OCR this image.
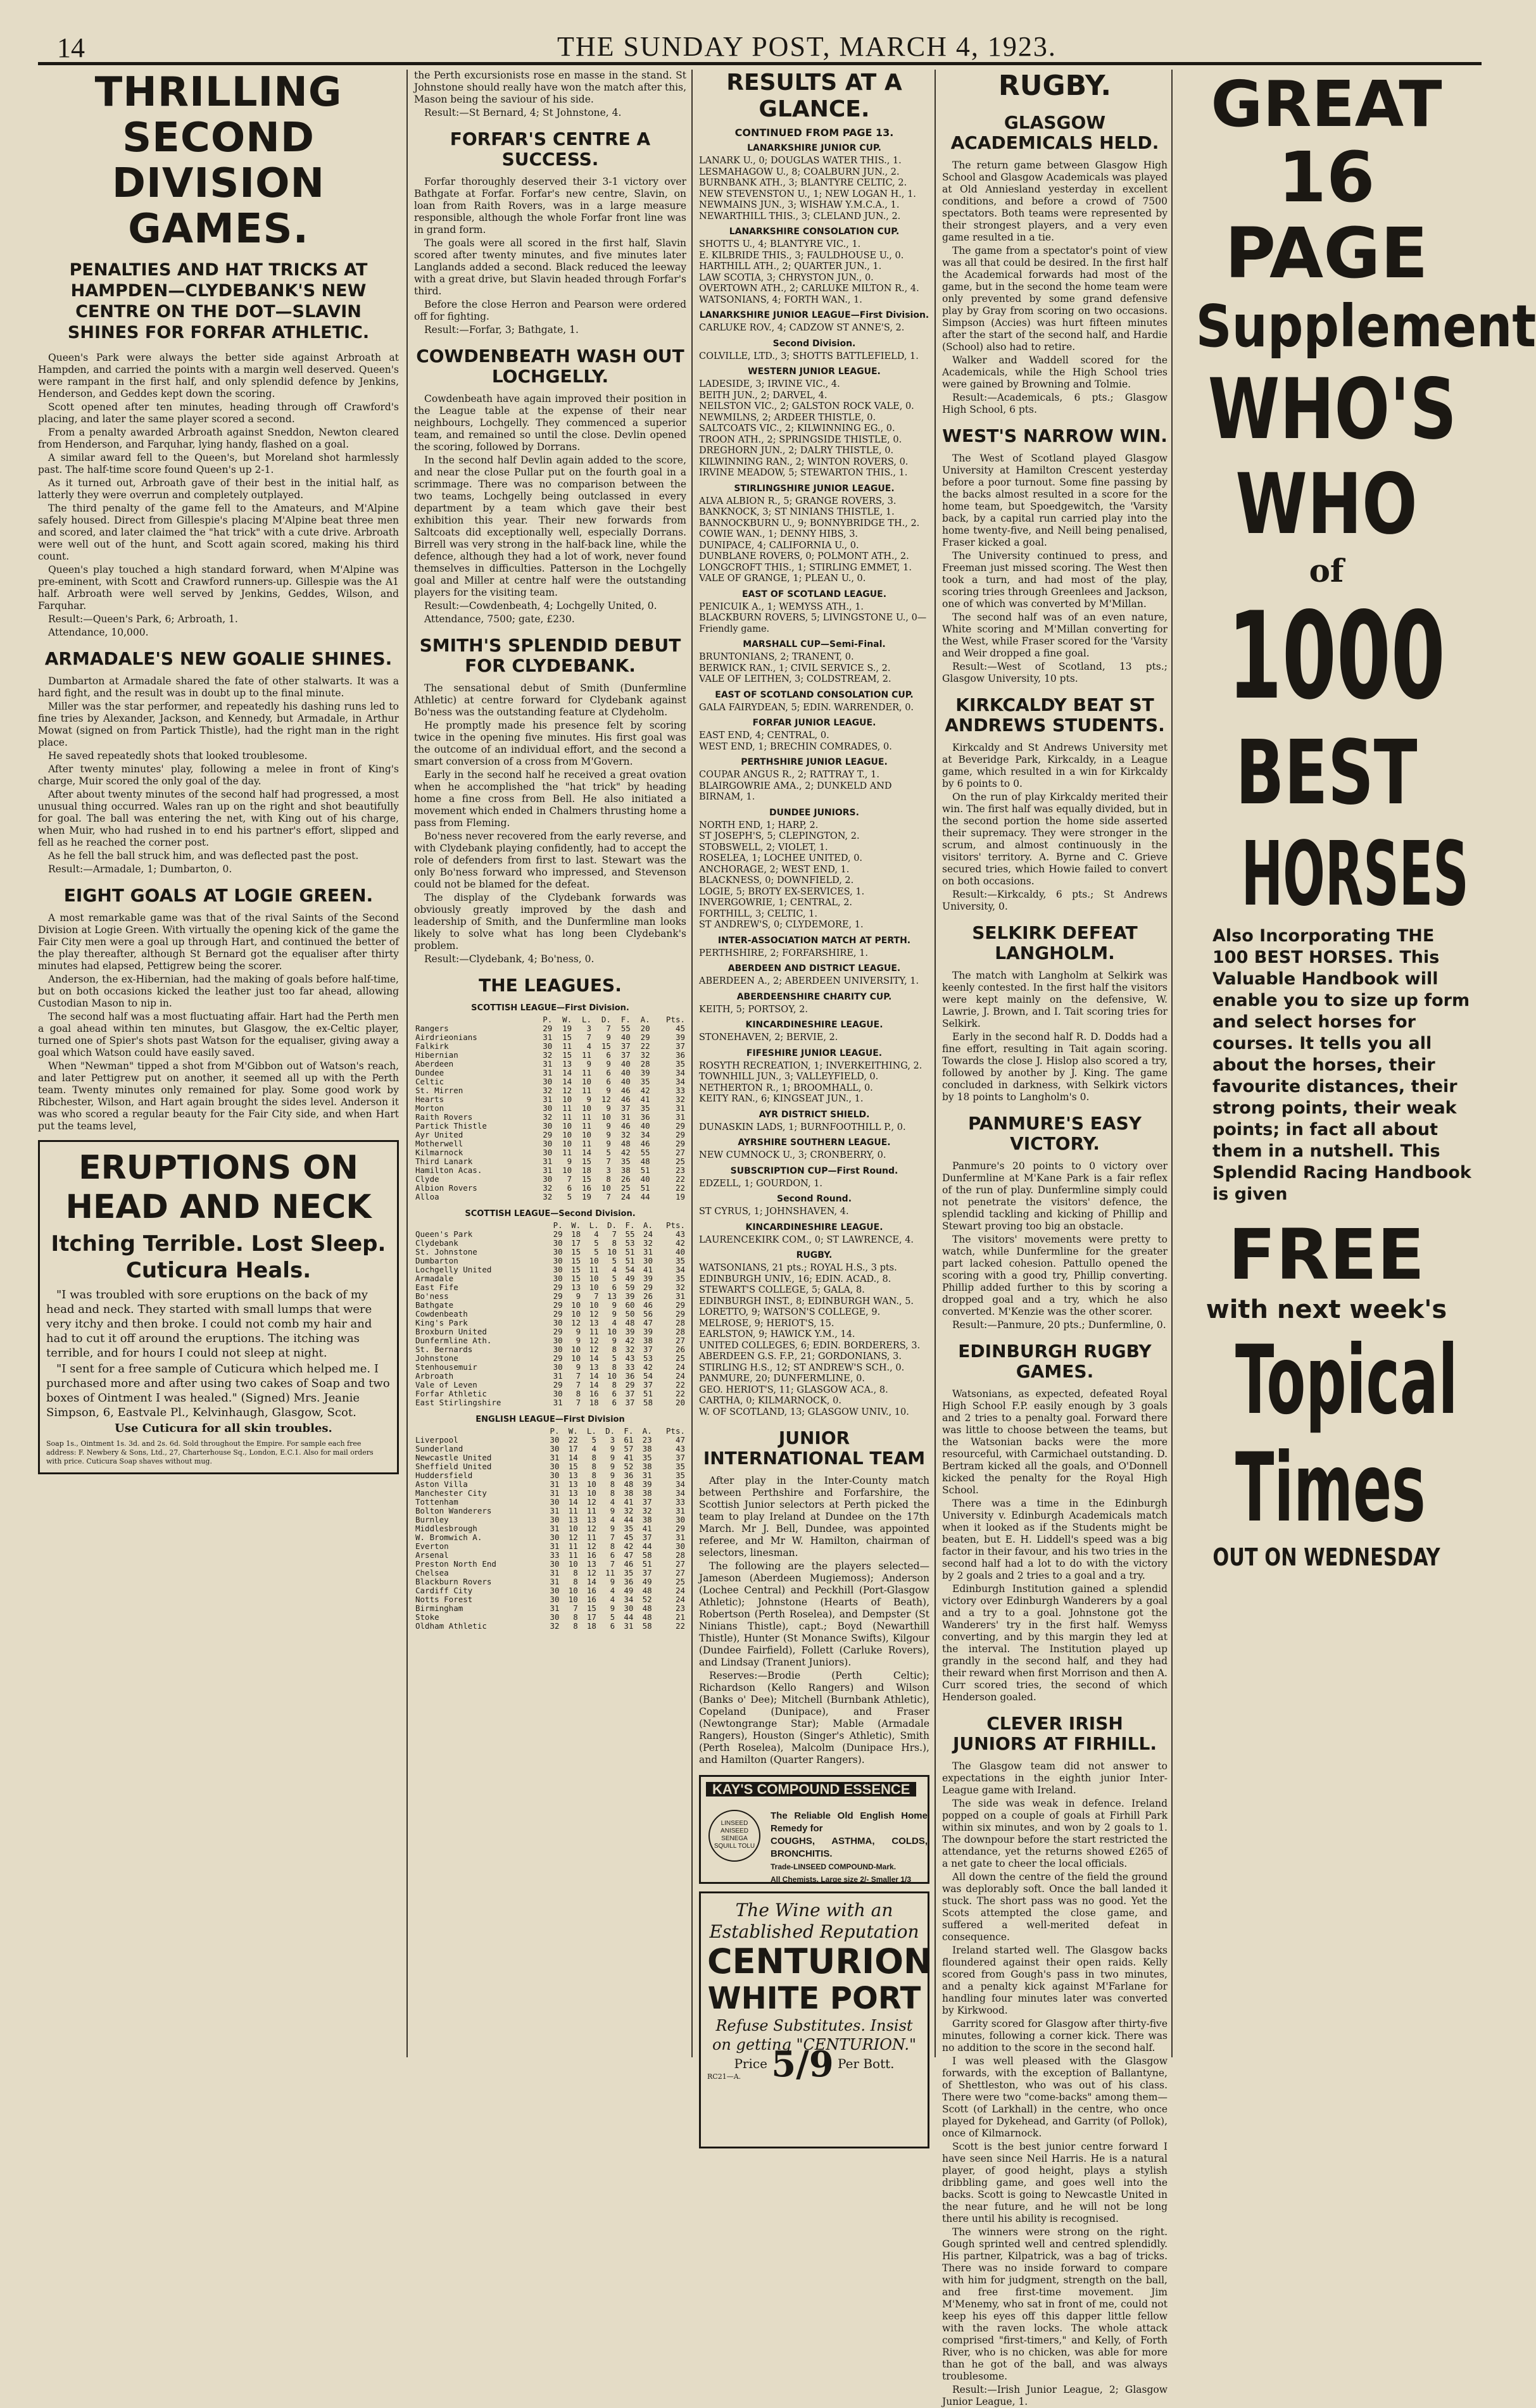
14	THE SUNDAY POST, MARCH 4, 1923.
THRILLING SECOND DIVISION GAMES.
PENALTIES AND HAT TRICKS AT HAMPDEN—CLYDEBANK'S NEW CENTRE ON THE DOT—SLAVIN SHINES FOR FORFAR ATHLETIC.

Queen's Park were always the better side against Arbroath at Hampden, and carried the points with a margin well deserved. Queen's were rampant in the first half, and only splendid defence by Jenkins, Henderson, and Geddes kept down the scoring.

Scott opened after ten minutes, heading through off Crawford's placing, and later the same player scored a second.

From a penalty awarded Arbroath against Sneddon, Newton cleared from Henderson, and Farquhar, lying handy, flashed on a goal.

A similar award fell to the Queen's, but Moreland shot harmlessly past. The half-time score found Queen's up 2-1.

As it turned out, Arbroath gave of their best in the initial half, as latterly they were overrun and completely outplayed.

The third penalty of the game fell to the Amateurs, and M'Alpine safely housed. Direct from Gillespie's placing M'Alpine beat three men and scored, and later claimed the "hat trick" with a cute drive. Arbroath were well out of the hunt, and Scott again scored, making his third count.

Queen's play touched a high standard forward, when M'Alpine was pre-eminent, with Scott and Crawford runners-up. Gillespie was the A1 half. Arbroath were well served by Jenkins, Geddes, Wilson, and Farquhar.

Result:—Queen's Park, 6; Arbroath, 1.

Attendance, 10,000.

ARMADALE'S NEW GOALIE SHINES.

Dumbarton at Armadale shared the fate of other stalwarts. It was a hard fight, and the result was in doubt up to the final minute.

Miller was the star performer, and repeatedly his dashing runs led to fine tries by Alexander, Jackson, and Kennedy, but Armadale, in Arthur Mowat (signed on from Partick Thistle), had the right man in the right place.

He saved repeatedly shots that looked troublesome.

After twenty minutes' play, following a melee in front of King's charge, Muir scored the only goal of the day.

After about twenty minutes of the second half had progressed, a most unusual thing occurred. Wales ran up on the right and shot beautifully for goal. The ball was entering the net, with King out of his charge, when Muir, who had rushed in to end his partner's effort, slipped and fell as he reached the corner post.

As he fell the ball struck him, and was deflected past the post.

Result:—Armadale, 1; Dumbarton, 0.

EIGHT GOALS AT LOGIE GREEN.

A most remarkable game was that of the rival Saints of the Second Division at Logie Green. With virtually the opening kick of the game the Fair City men were a goal up through Hart, and continued the better of the play thereafter, although St Bernard got the equaliser after thirty minutes had elapsed, Pettigrew being the scorer.

Anderson, the ex-Hibernian, had the making of goals before half-time, but on both occasions kicked the leather just too far ahead, allowing Custodian Mason to nip in.

The second half was a most fluctuating affair. Hart had the Perth men a goal ahead within ten minutes, but Glasgow, the ex-Celtic player, turned one of Spier's shots past Watson for the equaliser, giving away a goal which Watson could have easily saved.

When "Newman" tipped a shot from M'Gibbon out of Watson's reach, and later Pettigrew put on another, it seemed all up with the Perth team. Twenty minutes only remained for play. Some good work by Ribchester, Wilson, and Hart again brought the sides level. Anderson it was who scored a regular beauty for the Fair City side, and when Hart put the teams level,

ERUPTIONS ON HEAD AND NECK
Itching Terrible. Lost Sleep. Cuticura Heals.

"I was troubled with sore eruptions on the back of my head and neck. They started with small lumps that were very itchy and then broke. I could not comb my hair and had to cut it off around the eruptions. The itching was terrible, and for hours I could not sleep at night.

"I sent for a free sample of Cuticura which helped me. I purchased more and after using two cakes of Soap and two boxes of Ointment I was healed." (Signed) Mrs. Jeanie Simpson, 6, Eastvale Pl., Kelvinhaugh, Glasgow, Scot.

Use Cuticura for all skin troubles.

Soap 1s., Ointment 1s. 3d. and 2s. 6d. Sold throughout the Empire. For sample each free address: F. Newbery & Sons, Ltd., 27, Charterhouse Sq., London, E.C.1. Also for mail orders with price. Cuticura Soap shaves without mug.

the Perth excursionists rose en masse in the stand. St Johnstone should really have won the match after this, Mason being the saviour of his side.

Result:—St Bernard, 4; St Johnstone, 4.

FORFAR'S CENTRE A SUCCESS.

Forfar thoroughly deserved their 3-1 victory over Bathgate at Forfar. Forfar's new centre, Slavin, on loan from Raith Rovers, was in a large measure responsible, although the whole Forfar front line was in grand form.

The goals were all scored in the first half, Slavin scored after twenty minutes, and five minutes later Langlands added a second. Black reduced the leeway with a great drive, but Slavin headed through Forfar's third.

Before the close Herron and Pearson were ordered off for fighting.

Result:—Forfar, 3; Bathgate, 1.

COWDENBEATH WASH OUT LOCHGELLY.

Cowdenbeath have again improved their position in the League table at the expense of their near neighbours, Lochgelly. They commenced a superior team, and remained so until the close. Devlin opened the scoring, followed by Dorrans.

In the second half Devlin again added to the score, and near the close Pullar put on the fourth goal in a scrimmage. There was no comparison between the two teams, Lochgelly being outclassed in every department by a team which gave their best exhibition this year. Their new forwards from Saltcoats did exceptionally well, especially Dorrans. Birrell was very strong in the half-back line, while the defence, although they had a lot of work, never found themselves in difficulties. Patterson in the Lochgelly goal and Miller at centre half were the outstanding players for the visiting team.

Result:—Cowdenbeath, 4; Lochgelly United, 0.

Attendance, 7500; gate, £230.

SMITH'S SPLENDID DEBUT FOR CLYDEBANK.

The sensational debut of Smith (Dunfermline Athletic) at centre forward for Clydebank against Bo'ness was the outstanding feature at Clydeholm.

He promptly made his presence felt by scoring twice in the opening five minutes. His first goal was the outcome of an individual effort, and the second a smart conversion of a cross from M'Govern.

Early in the second half he received a great ovation when he accomplished the "hat trick" by heading home a fine cross from Bell. He also initiated a movement which ended in Chalmers thrusting home a pass from Fleming.

Bo'ness never recovered from the early reverse, and with Clydebank playing confidently, had to accept the role of defenders from first to last. Stewart was the only Bo'ness forward who impressed, and Stevenson could not be blamed for the defeat.

The display of the Clydebank forwards was obviously greatly improved by the dash and leadership of Smith, and the Dunfermline man looks likely to solve what has long been Clydebank's problem.

Result:—Clydebank, 4; Bo'ness, 0.

THE LEAGUES.
SCOTTISH LEAGUE—First Division.
	P.	W.	L.	D.	F.	A.	Pts.
Rangers	29	19	3	7	55	20	45
Airdrieonians	31	15	7	9	40	29	39
Falkirk	30	11	4	15	37	22	37
Hibernian	32	15	11	6	37	32	36
Aberdeen	31	13	9	9	40	28	35
Dundee	31	14	11	6	40	39	34
Celtic	30	14	10	6	40	35	34
St. Mirren	32	12	11	9	46	42	33
Hearts	31	10	9	12	46	41	32
Morton	30	11	10	9	37	35	31
Raith Rovers	32	11	11	10	31	36	31
Partick Thistle	30	10	11	9	46	40	29
Ayr United	29	10	10	9	32	34	29
Motherwell	30	10	11	9	48	46	29
Kilmarnock	30	11	14	5	42	55	27
Third Lanark	31	9	15	7	35	48	25
Hamilton Acas.	31	10	18	3	38	51	23
Clyde	30	7	15	8	26	40	22
Albion Rovers	32	6	16	10	25	51	22
Alloa	32	5	19	7	24	44	19
SCOTTISH LEAGUE—Second Division.
	P.	W.	L.	D.	F.	A.	Pts.
Queen's Park	29	18	4	7	55	24	43
Clydebank	30	17	5	8	53	32	42
St. Johnstone	30	15	5	10	51	31	40
Dumbarton	30	15	10	5	51	30	35
Lochgelly United	30	15	11	4	54	41	34
Armadale	30	15	10	5	49	39	35
East Fife	29	13	10	6	59	29	32
Bo'ness	29	9	7	13	39	26	31
Bathgate	29	10	10	9	60	46	29
Cowdenbeath	29	10	12	9	50	56	29
King's Park	30	12	13	4	48	47	28
Broxburn United	29	9	11	10	39	39	28
Dunfermline Ath.	30	9	12	9	42	38	27
St. Bernards	30	10	12	8	32	37	26
Johnstone	29	10	14	5	43	53	25
Stenhousemuir	30	9	13	8	33	42	24
Arbroath	31	7	14	10	36	54	24
Vale of Leven	29	7	14	8	29	37	22
Forfar Athletic	30	8	16	6	37	51	22
East Stirlingshire	31	7	18	6	37	58	20
ENGLISH LEAGUE—First Division
	P.	W.	L.	D.	F.	A.	Pts.
Liverpool	30	22	5	3	61	23	47
Sunderland	30	17	4	9	57	38	43
Newcastle United	31	14	8	9	41	35	37
Sheffield United	30	15	8	9	52	38	35
Huddersfield	30	13	8	9	36	31	35
Aston Villa	31	13	10	8	48	39	34
Manchester City	31	13	10	8	38	38	34
Tottenham	30	14	12	4	41	37	33
Bolton Wanderers	31	11	11	9	32	32	31
Burnley	30	13	13	4	44	38	30
Middlesbrough	31	10	12	9	35	41	29
W. Bromwich A.	30	12	11	7	45	37	31
Everton	31	11	12	8	42	44	30
Arsenal	33	11	16	6	47	58	28
Preston North End	30	10	13	7	46	51	27
Chelsea	31	8	12	11	35	37	27
Blackburn Rovers	31	8	14	9	36	49	25
Cardiff City	30	10	16	4	49	48	24
Notts Forest	30	10	16	4	34	52	24
Birmingham	31	7	15	9	30	48	23
Stoke	30	8	17	5	44	48	21
Oldham Athletic	32	8	18	6	31	58	22
RESULTS AT A GLANCE.
CONTINUED FROM PAGE 13.
LANARKSHIRE JUNIOR CUP.
LANARK U., 0; DOUGLAS WATER THIS., 1.
LESMAHAGOW U., 8; COALBURN JUN., 2.
BURNBANK ATH., 3; BLANTYRE CELTIC, 2.
NEW STEVENSTON U., 1; NEW LOGAN H., 1.
NEWMAINS JUN., 3; WISHAW Y.M.C.A., 1.
NEWARTHILL THIS., 3; CLELAND JUN., 2.
LANARKSHIRE CONSOLATION CUP.
SHOTTS U., 4; BLANTYRE VIC., 1.
E. KILBRIDE THIS., 3; FAULDHOUSE U., 0.
HARTHILL ATH., 2; QUARTER JUN., 1.
LAW SCOTIA, 3; CHRYSTON JUN., 0.
OVERTOWN ATH., 2; CARLUKE MILTON R., 4.
WATSONIANS, 4; FORTH WAN., 1.
LANARKSHIRE JUNIOR LEAGUE—First Division.
CARLUKE ROV., 4; CADZOW ST ANNE'S, 2.
Second Division.
COLVILLE, LTD., 3; SHOTTS BATTLEFIELD, 1.
WESTERN JUNIOR LEAGUE.
LADESIDE, 3; IRVINE VIC., 4.
BEITH JUN., 2; DARVEL, 4.
NEILSTON VIC., 2; GALSTON ROCK VALE, 0.
NEWMILNS, 2; ARDEER THISTLE, 0.
SALTCOATS VIC., 2; KILWINNING EG., 0.
TROON ATH., 2; SPRINGSIDE THISTLE, 0.
DREGHORN JUN., 2; DALRY THISTLE, 0.
KILWINNING RAN., 2; WINTON ROVERS, 0.
IRVINE MEADOW, 5; STEWARTON THIS., 1.
STIRLINGSHIRE JUNIOR LEAGUE.
ALVA ALBION R., 5; GRANGE ROVERS, 3.
BANKNOCK, 3; ST NINIANS THISTLE, 1.
BANNOCKBURN U., 9; BONNYBRIDGE TH., 2.
COWIE WAN., 1; DENNY HIBS, 3.
DUNIPACE, 4; CALIFORNIA U., 0.
DUNBLANE ROVERS, 0; POLMONT ATH., 2.
LONGCROFT THIS., 1; STIRLING EMMET, 1.
VALE OF GRANGE, 1; PLEAN U., 0.
EAST OF SCOTLAND LEAGUE.
PENICUIK A., 1; WEMYSS ATH., 1.
BLACKBURN ROVERS, 5; LIVINGSTONE U., 0—Friendly game.
MARSHALL CUP—Semi-Final.
BRUNTONIANS, 2; TRANENT, 0.
BERWICK RAN., 1; CIVIL SERVICE S., 2.
VALE OF LEITHEN, 3; COLDSTREAM, 2.
EAST OF SCOTLAND CONSOLATION CUP.
GALA FAIRYDEAN, 5; EDIN. WARRENDER, 0.
FORFAR JUNIOR LEAGUE.
EAST END, 4; CENTRAL, 0.
WEST END, 1; BRECHIN COMRADES, 0.
PERTHSHIRE JUNIOR LEAGUE.
COUPAR ANGUS R., 2; RATTRAY T., 1.
BLAIRGOWRIE AMA., 2; DUNKELD AND BIRNAM, 1.
DUNDEE JUNIORS.
NORTH END, 1; HARP, 2.
ST JOSEPH'S, 5; CLEPINGTON, 2.
STOBSWELL, 2; VIOLET, 1.
ROSELEA, 1; LOCHEE UNITED, 0.
ANCHORAGE, 2; WEST END, 1.
BLACKNESS, 0; DOWNFIELD, 2.
LOGIE, 5; BROTY EX-SERVICES, 1.
INVERGOWRIE, 1; CENTRAL, 2.
FORTHILL, 3; CELTIC, 1.
ST ANDREW'S, 0; CLYDEMORE, 1.
INTER-ASSOCIATION MATCH AT PERTH.
PERTHSHIRE, 2; FORFARSHIRE, 1.
ABERDEEN AND DISTRICT LEAGUE.
ABERDEEN A., 2; ABERDEEN UNIVERSITY, 1.
ABERDEENSHIRE CHARITY CUP.
KEITH, 5; PORTSOY, 2.
KINCARDINESHIRE LEAGUE.
STONEHAVEN, 2; BERVIE, 2.
FIFESHIRE JUNIOR LEAGUE.
ROSYTH RECREATION, 1; INVERKEITHING, 2.
TOWNHILL JUN., 3; VALLEYFIELD, 0.
NETHERTON R., 1; BROOMHALL, 0.
KEITY RAN., 6; KINGSEAT JUN., 1.
AYR DISTRICT SHIELD.
DUNASKIN LADS, 1; BURNFOOTHILL P., 0.
AYRSHIRE SOUTHERN LEAGUE.
NEW CUMNOCK U., 3; CRONBERRY, 0.
SUBSCRIPTION CUP—First Round.
EDZELL, 1; GOURDON, 1.
Second Round.
ST CYRUS, 1; JOHNSHAVEN, 4.
KINCARDINESHIRE LEAGUE.
LAURENCEKIRK COM., 0; ST LAWRENCE, 4.
RUGBY.
WATSONIANS, 21 pts.; ROYAL H.S., 3 pts.
EDINBURGH UNIV., 16; EDIN. ACAD., 8.
STEWART'S COLLEGE, 5; GALA, 8.
EDINBURGH INST., 8; EDINBURGH WAN., 5.
LORETTO, 9; WATSON'S COLLEGE, 9.
MELROSE, 9; HERIOT'S, 15.
EARLSTON, 9; HAWICK Y.M., 14.
UNITED COLLEGES, 6; EDIN. BORDERERS, 3.
ABERDEEN G.S. F.P., 21; GORDONIANS, 3.
STIRLING H.S., 12; ST ANDREW'S SCH., 0.
PANMURE, 20; DUNFERMLINE, 0.
GEO. HERIOT'S, 11; GLASGOW ACA., 8.
CARTHA, 0; KILMARNOCK, 0.
W. OF SCOTLAND, 13; GLASGOW UNIV., 10.
JUNIOR INTERNATIONAL TEAM

After play in the Inter-County match between Perthshire and Forfarshire, the Scottish Junior selectors at Perth picked the team to play Ireland at Dundee on the 17th March. Mr J. Bell, Dundee, was appointed referee, and Mr W. Hamilton, chairman of selectors, linesman.

The following are the players selected—Jameson (Aberdeen Mugiemoss); Anderson (Lochee Central) and Peckhill (Port-Glasgow Athletic); Johnstone (Hearts of Beath), Robertson (Perth Roselea), and Dempster (St Ninians Thistle), capt.; Boyd (Newarthill Thistle), Hunter (St Monance Swifts), Kilgour (Dundee Fairfield), Follett (Carluke Rovers), and Lindsay (Tranent Juniors).

Reserves:—Brodie (Perth Celtic); Richardson (Kello Rangers) and Wilson (Banks o' Dee); Mitchell (Burnbank Athletic), Copeland (Dunipace), and Fraser (Newtongrange Star); Mable (Armadale Rangers), Houston (Singer's Athletic), Smith (Perth Roselea), Malcolm (Dunipace Hrs.), and Hamilton (Quarter Rangers).

KAY'S COMPOUND ESSENCE
LINSEED ANISEED SENEGA SQUILL TOLU
The Reliable Old English Home Remedy for
COUGHS, ASTHMA, COLDS, BRONCHITIS.
Trade-LINSEED COMPOUND-Mark.
All Chemists. Large size 2/- Smaller 1/3
The Wine with an Established Reputation
CENTURION
WHITE PORT
Refuse Substitutes. Insist on getting "CENTURION."
Price 5/9 Per Bott.
RC21—A.
RUGBY.
GLASGOW ACADEMICALS HELD.

The return game between Glasgow High School and Glasgow Academicals was played at Old Anniesland yesterday in excellent conditions, and before a crowd of 7500 spectators. Both teams were represented by their strongest players, and a very even game resulted in a tie.

The game from a spectator's point of view was all that could be desired. In the first half the Academical forwards had most of the game, but in the second the home team were only prevented by some grand defensive play by Gray from scoring on two occasions. Simpson (Accies) was hurt fifteen minutes after the start of the second half, and Hardie (School) also had to retire.

Walker and Waddell scored for the Academicals, while the High School tries were gained by Browning and Tolmie.

Result:—Academicals, 6 pts.; Glasgow High School, 6 pts.

WEST'S NARROW WIN.

The West of Scotland played Glasgow University at Hamilton Crescent yesterday before a poor turnout. Some fine passing by the backs almost resulted in a score for the home team, but Spoedgewitch, the 'Varsity back, by a capital run carried play into the home twenty-five, and Neill being penalised, Fraser kicked a goal.

The University continued to press, and Freeman just missed scoring. The West then took a turn, and had most of the play, scoring tries through Greenlees and Jackson, one of which was converted by M'Millan.

The second half was of an even nature, White scoring and M'Millan converting for the West, while Fraser scored for the 'Varsity and Weir dropped a fine goal.

Result:—West of Scotland, 13 pts.; Glasgow University, 10 pts.

KIRKCALDY BEAT ST ANDREWS STUDENTS.

Kirkcaldy and St Andrews University met at Beveridge Park, Kirkcaldy, in a League game, which resulted in a win for Kirkcaldy by 6 points to 0.

On the run of play Kirkcaldy merited their win. The first half was equally divided, but in the second portion the home side asserted their supremacy. They were stronger in the scrum, and almost continuously in the visitors' territory. A. Byrne and C. Grieve secured tries, which Howie failed to convert on both occasions.

Result:—Kirkcaldy, 6 pts.; St Andrews University, 0.

SELKIRK DEFEAT LANGHOLM.

The match with Langholm at Selkirk was keenly contested. In the first half the visitors were kept mainly on the defensive, W. Lawrie, J. Brown, and I. Tait scoring tries for Selkirk.

Early in the second half R. D. Dodds had a fine effort, resulting in Tait again scoring. Towards the close J. Hislop also scored a try, followed by another by J. King. The game concluded in darkness, with Selkirk victors by 18 points to Langholm's 0.

PANMURE'S EASY VICTORY.

Panmure's 20 points to 0 victory over Dunfermline at M'Kane Park is a fair reflex of the run of play. Dunfermline simply could not penetrate the visitors' defence, the splendid tackling and kicking of Phillip and Stewart proving too big an obstacle.

The visitors' movements were pretty to watch, while Dunfermline for the greater part lacked cohesion. Pattullo opened the scoring with a good try, Phillip converting. Phillip added further to this by scoring a dropped goal and a try, which he also converted. M'Kenzie was the other scorer.

Result:—Panmure, 20 pts.; Dunfermline, 0.

EDINBURGH RUGBY GAMES.

Watsonians, as expected, defeated Royal High School F.P. easily enough by 3 goals and 2 tries to a penalty goal. Forward there was little to choose between the teams, but the Watsonian backs were the more resourceful, with Carmichael outstanding. D. Bertram kicked all the goals, and O'Donnell kicked the penalty for the Royal High School.

There was a time in the Edinburgh University v. Edinburgh Academicals match when it looked as if the Students might be beaten, but E. H. Liddell's speed was a big factor in their favour, and his two tries in the second half had a lot to do with the victory by 2 goals and 2 tries to a goal and a try.

Edinburgh Institution gained a splendid victory over Edinburgh Wanderers by a goal and a try to a goal. Johnstone got the Wanderers' try in the first half. Wemyss converting, and by this margin they led at the interval. The Institution played up grandly in the second half, and they had their reward when first Morrison and then A. Curr scored tries, the second of which Henderson goaled.

CLEVER IRISH JUNIORS AT FIRHILL.

The Glasgow team did not answer to expectations in the eighth junior Inter-League game with Ireland.

The side was weak in defence. Ireland popped on a couple of goals at Firhill Park within six minutes, and won by 2 goals to 1. The downpour before the start restricted the attendance, yet the returns showed £265 of a net gate to cheer the local officials.

All down the centre of the field the ground was deplorably soft. Once the ball landed it stuck. The short pass was no good. Yet the Scots attempted the close game, and suffered a well-merited defeat in consequence.

Ireland started well. The Glasgow backs floundered against their open raids. Kelly scored from Gough's pass in two minutes, and a penalty kick against M'Farlane for handling four minutes later was converted by Kirkwood.

Garrity scored for Glasgow after thirty-five minutes, following a corner kick. There was no addition to the score in the second half.

I was well pleased with the Glasgow forwards, with the exception of Ballantyne, of Shettleston, who was out of his class. There were two "come-backs" among them—Scott (of Larkhall) in the centre, who once played for Dykehead, and Garrity (of Pollok), once of Kilmarnock.

Scott is the best junior centre forward I have seen since Neil Harris. He is a natural player, of good height, plays a stylish dribbling game, and goes well into the backs. Scott is going to Newcastle United in the near future, and he will not be long there until his ability is recognised.

The winners were strong on the right. Gough sprinted well and centred splendidly. His partner, Kilpatrick, was a bag of tricks. There was no inside forward to compare with him for judgment, strength on the ball, and free first-time movement. Jim M'Menemy, who sat in front of me, could not keep his eyes off this dapper little fellow with the raven locks. The whole attack comprised "first-timers," and Kelly, of Forth River, who is no chicken, was able for more than he got of the ball, and was always troublesome.

Result:—Irish Junior League, 2; Glasgow Junior League, 1.

GREAT
16
PAGE
Supplement
WHO'S
WHO
of
1000
BEST
HORSES
Also Incorporating THE 100 BEST HORSES. This Valuable Handbook will enable you to size up form and select horses for courses. It tells you all about the horses, their favourite distances, their strong points, their weak points; in fact all about them in a nutshell. This Splendid Racing Handbook is given
FREE
with next week's
Topical
Times
OUT ON WEDNESDAY
